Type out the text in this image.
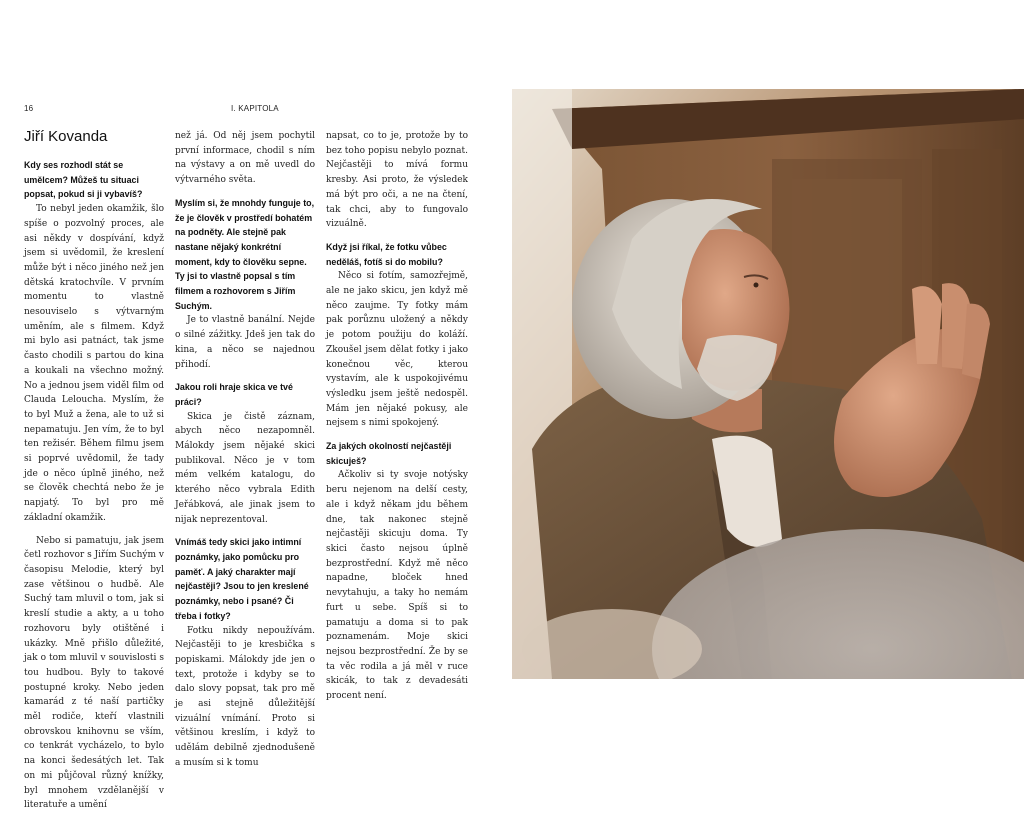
16	I. KAPITOLA
Jiří Kovanda
Kdy ses rozhodl stát se umělcem? Můžeš tu situaci popsat, pokud si ji vybavíš?
To nebyl jeden okamžik, šlo spíše o pozvolný proces, ale asi někdy v dospívání, když jsem si uvědomil, že kreslení může být i něco jiného než jen dětská kratochvíle. V prvním momentu to vlastně nesouviselo s výtvarným uměním, ale s filmem. Když mi bylo asi patnáct, tak jsme často chodili s partou do kina a koukali na všechno možný. No a jednou jsem viděl film od Clauda Lelouchа. Myslím, že to byl Muž a žena, ale to už si nepamatuju. Jen vím, že to byl ten režisér. Během filmu jsem si poprvé uvědomil, že tady jde o něco úplně jiného, než se člověk chechtá nebo že je napjatý. To byl pro mě základní okamžik.
Nebo si pamatuju, jak jsem četl rozhovor s Jiřím Suchým v časopisu Melodie, který byl zase většinou o hudbě. Ale Suchý tam mluvil o tom, jak si kreslí studie a akty, a u toho rozhovoru byly otištěné i ukázky. Mně přišlo důležité, jak o tom mluvil v souvislosti s tou hudbou. Byly to takové postupné kroky. Nebo jeden kamarád z té naší partičky měl rodiče, kteří vlastnili obrovskou knihovnu se vším, co tenkrát vycházelo, to bylo na konci šedesátých let. Tak on mi půjčoval různý knížky, byl mnohem vzdělanější v literatuře a umění
než já. Od něj jsem pochytil první informace, chodil s ním na výstavy a on mě uvedl do výtvarného světa.
Myslím si, že mnohdy funguje to, že je člověk v prostředí bohatém na podněty. Ale stejně pak nastane nějaký konkrétní moment, kdy to člověku sepne. Ty jsi to vlastně popsal s tím filmem a rozhovorem s Jiřím Suchým.
Je to vlastně banální. Nejde o silné zážitky. Jdeš jen tak do kina, a něco se najednou přihodí.
Jakou roli hraje skica ve tvé práci?
Skica je čistě záznam, abych něco nezapomněl. Málokdy jsem nějaké skici publikoval. Něco je v tom mém velkém katalogu, do kterého něco vybrala Edith Jeřábková, ale jinak jsem to nijak neprezentoval.
Vnímáš tedy skici jako intimní poznámky, jako pomůcku pro paměť. A jaký charakter mají nejčastěji? Jsou to jen kreslené poznámky, nebo i psané? Či třeba i fotky?
Fotku nikdy nepoužívám. Nejčastěji to je kresbička s popiskami. Málokdy jde jen o text, protože i kdyby se to dalo slovy popsat, tak pro mě je asi stejně důležitější vizuální vnímání. Proto si většinou kreslím, i když to udělám debilně zjednodušeně a musím si k tomu
napsat, co to je, protože by to bez toho popisu nebylo poznat. Nejčastěji to mívá formu kresby. Asi proto, že výsledek má být pro oči, a ne na čtení, tak chci, aby to fungovalo vizuálně.
Když jsi říkal, že fotku vůbec neděláš, fotíš si do mobilu?
Něco si fotím, samozřejmě, ale ne jako skicu, jen když mě něco zaujme. Ty fotky mám pak porůznu uložený a někdy je potom použiju do koláží. Zkoušel jsem dělat fotky i jako konečnou věc, kterou vystavím, ale k uspokojivému výsledku jsem ještě nedospěl. Mám jen nějaké pokusy, ale nejsem s nimi spokojený.
Za jakých okolností nejčastěji skicuješ?
Ačkoliv si ty svoje notýsky beru nejenom na delší cesty, ale i když někam jdu během dne, tak nakonec stejně nejčastěji skicuju doma. Ty skici často nejsou úplně bezprostřední. Když mě něco napadne, bloček hned nevytahuju, a taky ho nemám furt u sebe. Spíš si to pamatuju a doma si to pak poznamenám. Moje skici nejsou bezprostřední. Že by se ta věc rodila a já měl v ruce skicák, to tak z devadesáti procent není.
